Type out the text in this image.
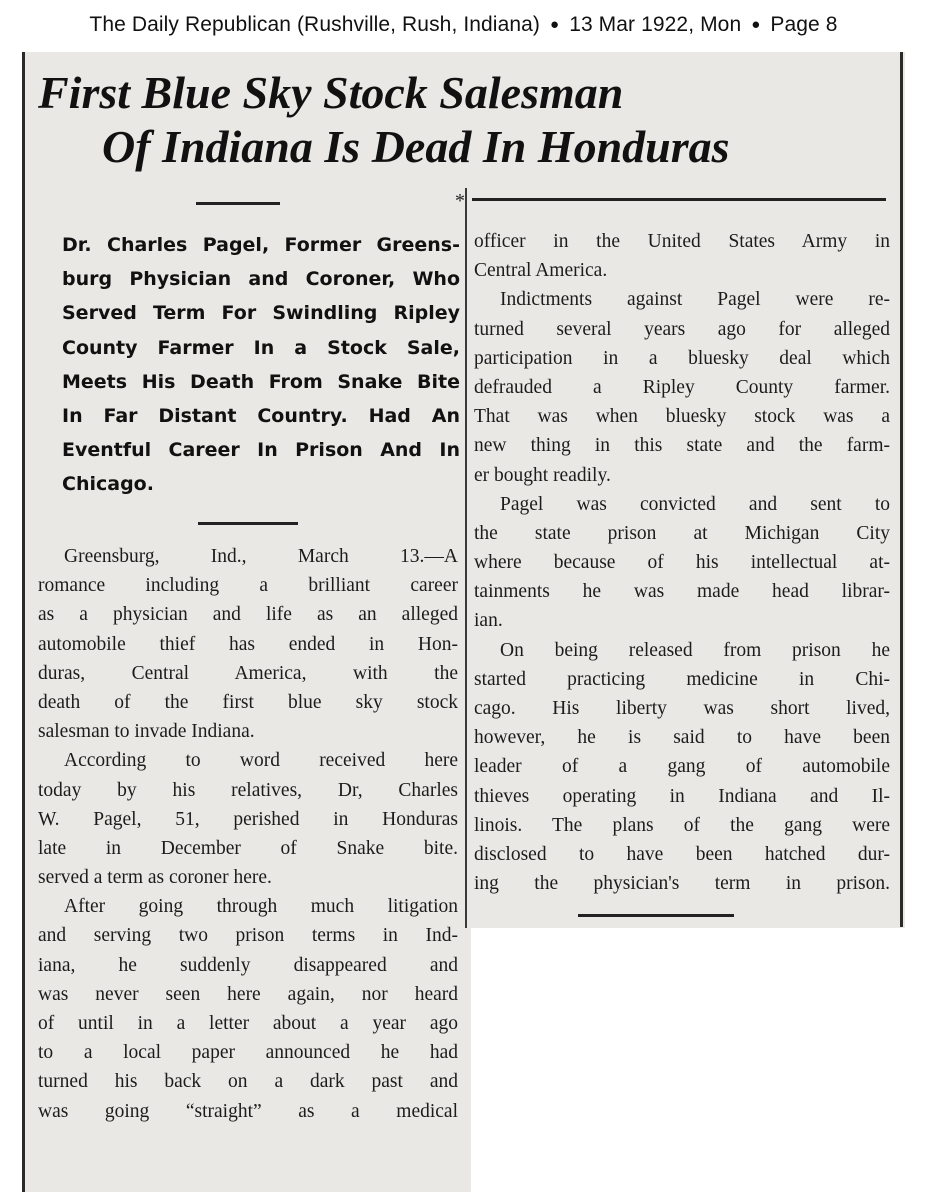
The Daily Republican (Rushville, Rush, Indiana) ● 13 Mar 1922, Mon ● Page 8
First Blue Sky Stock Salesman
Of Indiana Is Dead In Honduras
*
Dr. Charles Pagel, Former Greens-
burg Physician and Coroner, Who
Served Term For Swindling Ripley
County Farmer In a Stock Sale,
Meets His Death From Snake Bite
In Far Distant Country. Had An
Eventful Career In Prison And In
Chicago.
Greensburg, Ind., March 13.—A
romance including a brilliant career
as a physician and life as an alleged
automobile thief has ended in Hon-
duras, Central America, with the
death of the first blue sky stock
salesman to invade Indiana.
According to word received here
today by his relatives, Dr, Charles
W. Pagel, 51, perished in Honduras
late in December of Snake bite.
served a term as coroner here.
After going through much litigation
and serving two prison terms in Ind-
iana, he suddenly disappeared and
was never seen here again, nor heard
of until in a letter about a year ago
to a local paper announced he had
turned his back on a dark past and
was going “straight” as a medical
officer in the United States Army in
Central America.
Indictments against Pagel were re-
turned several years ago for alleged
participation in a bluesky deal which
defrauded a Ripley County farmer.
That was when bluesky stock was a
new thing in this state and the farm-
er bought readily.
Pagel was convicted and sent to
the state prison at Michigan City
where because of his intellectual at-
tainments he was made head librar-
ian.
On being released from prison he
started practicing medicine in Chi-
cago. His liberty was short lived,
however, he is said to have been
leader of a gang of automobile
thieves operating in Indiana and Il-
linois. The plans of the gang were
disclosed to have been hatched dur-
ing the physician's term in prison.
